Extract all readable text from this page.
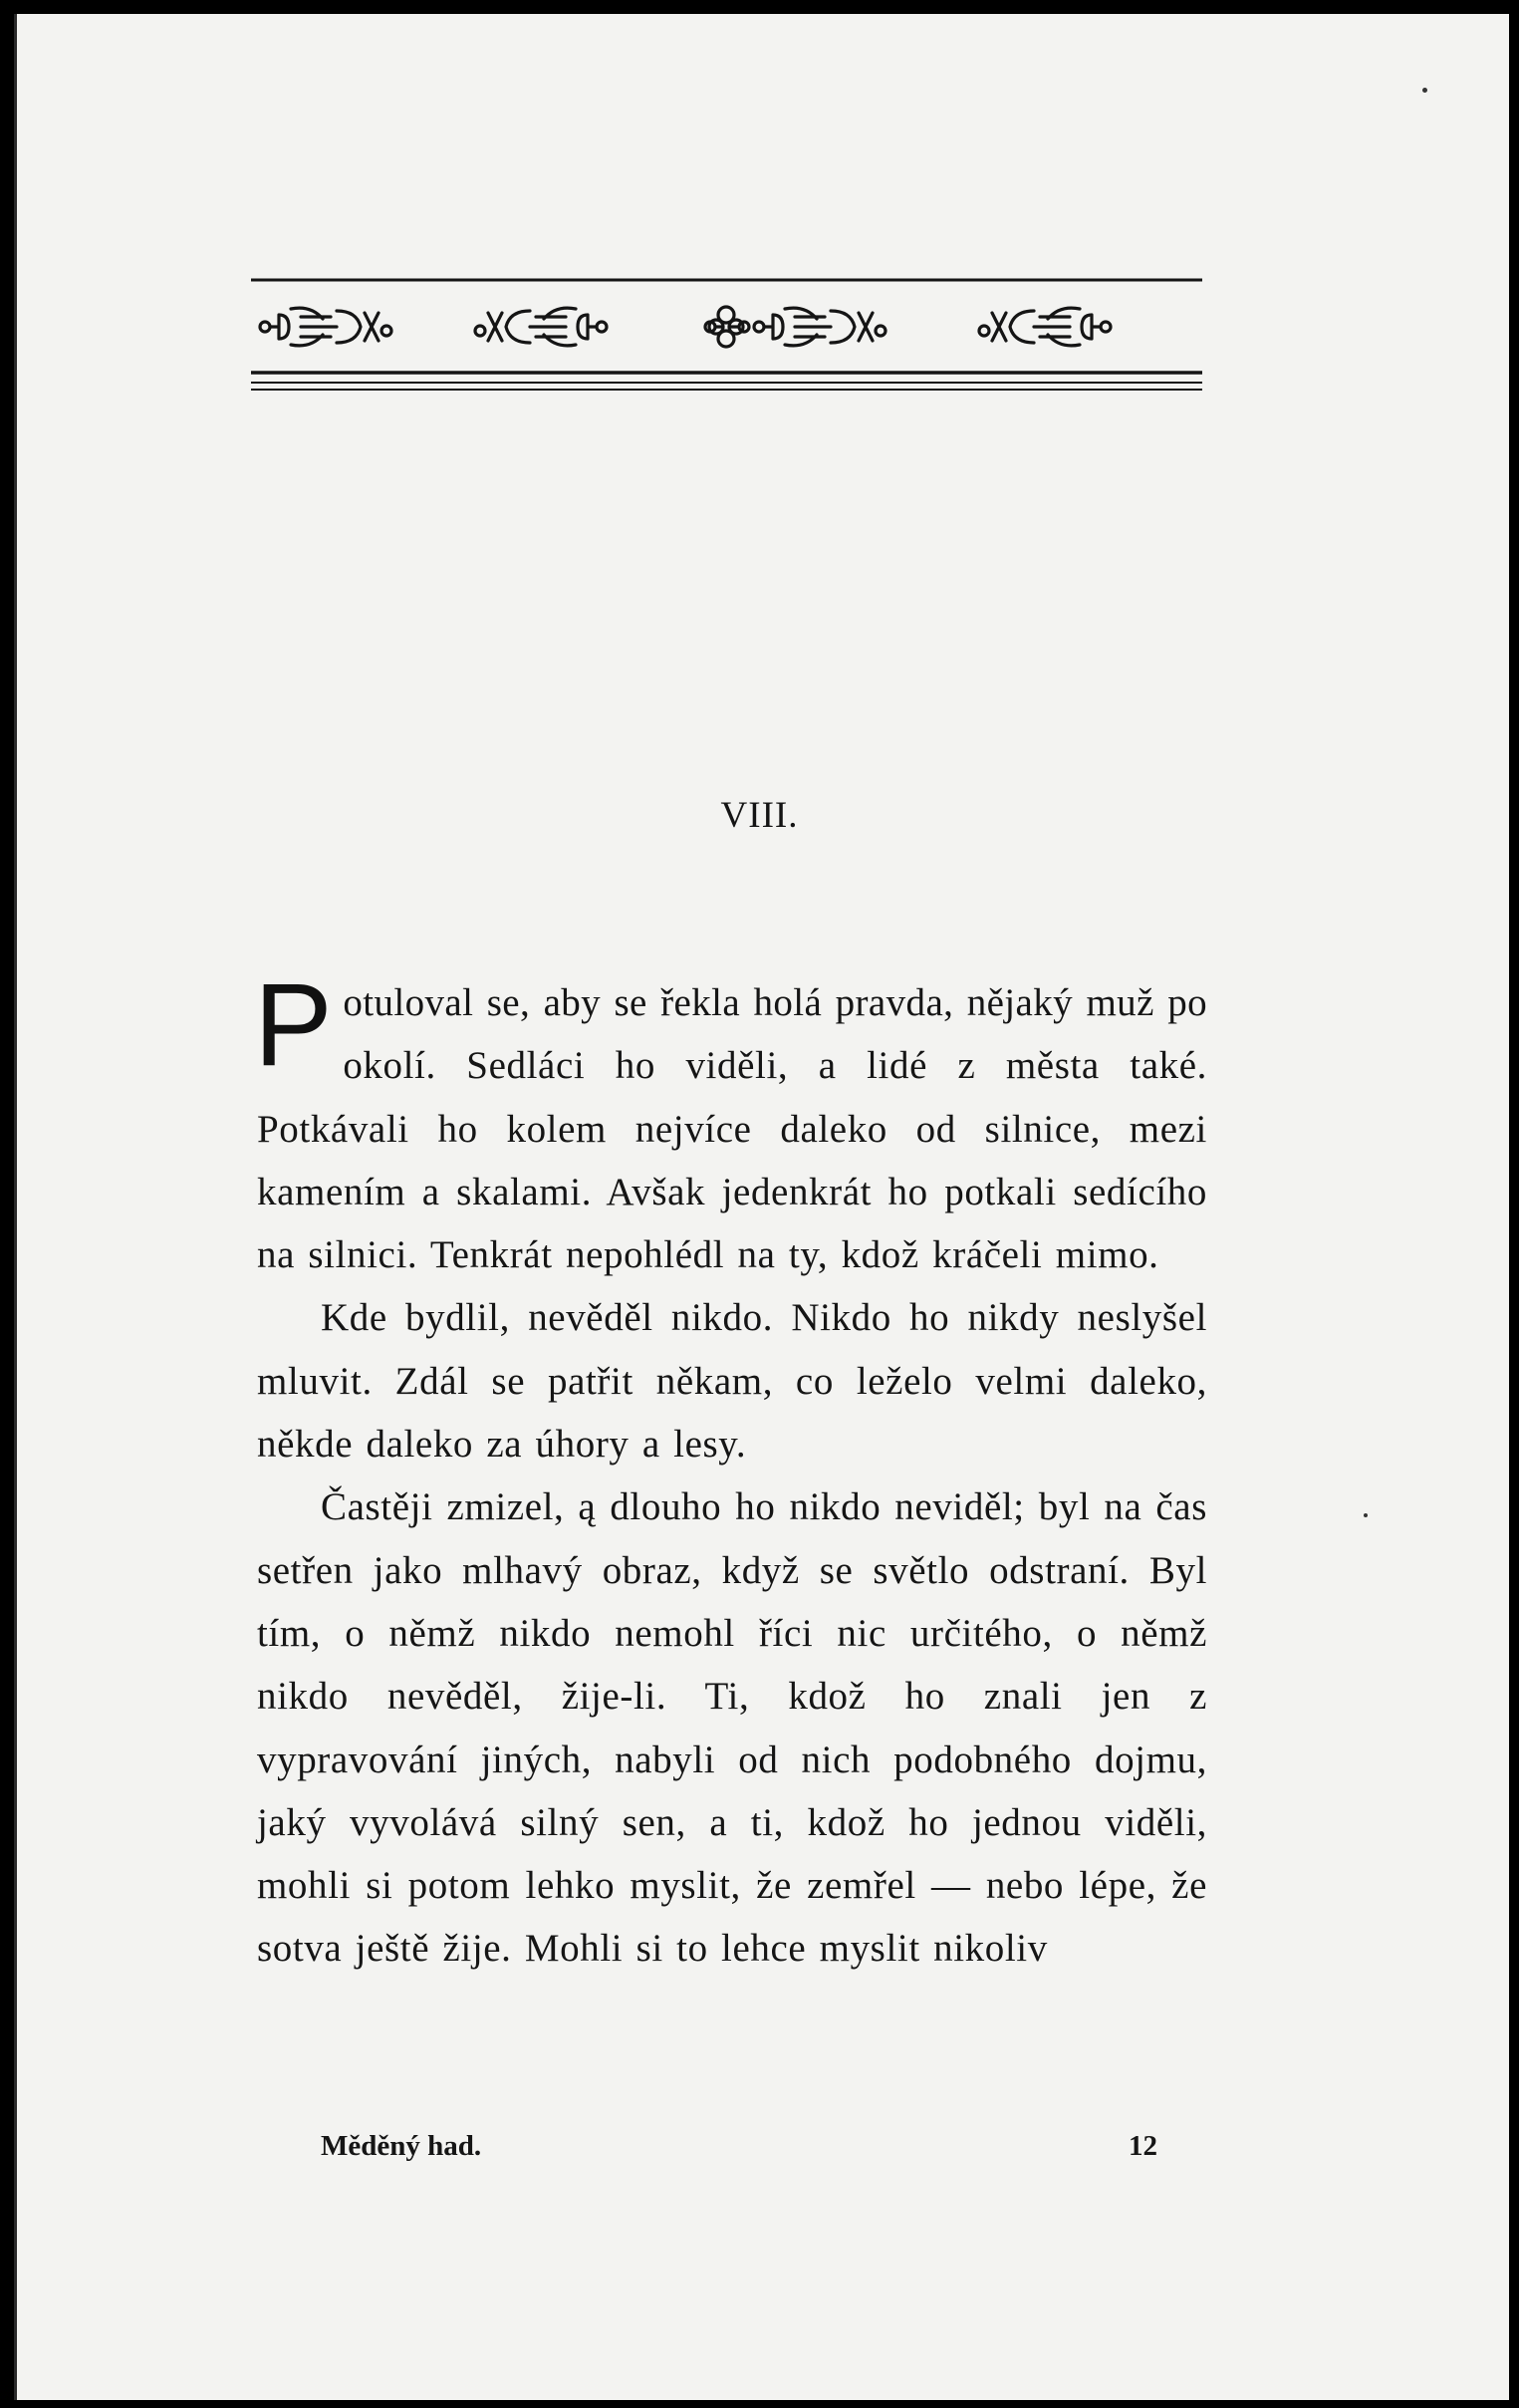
VIII.

Potuloval se, aby se řekla holá pravda, nějaký muž po okolí. Sedláci ho viděli, a lidé z města také. Potkávali ho kolem nejvíce daleko od silnice, mezi kamením a skalami. Avšak jedenkrát ho potkali sedícího na silnici. Tenkrát nepohlédl na ty, kdož kráčeli mimo.

Kde bydlil, nevěděl nikdo. Nikdo ho nikdy neslyšel mluvit. Zdál se patřit někam, co leželo velmi daleko, někde daleko za úhory a lesy.

Častěji zmizel, ą dlouho ho nikdo neviděl; byl na čas setřen jako mlhavý obraz, když se světlo odstraní. Byl tím, o němž nikdo nemohl říci nic určitého, o němž nikdo nevěděl, žije-li. Ti, kdož ho znali jen z vypravování jiných, nabyli od nich podobného dojmu, jaký vyvolává silný sen, a ti, kdož ho jednou viděli, mohli si potom lehko myslit, že zemřel — nebo lépe, že sotva ještě žije. Mohli si to lehce myslit nikoliv

Měděný had.	12
